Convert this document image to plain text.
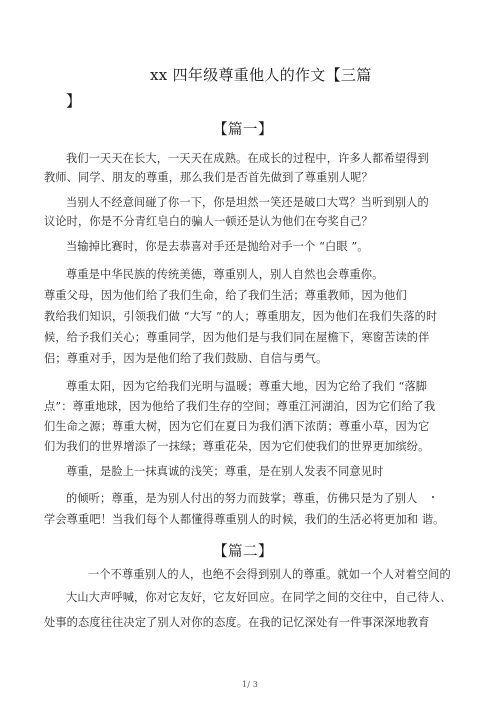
xx 四年级尊重他人的作文【三篇
】
【篇一】
我们一天天在长大，一天天在成熟。在成长的过程中，许多人都希望得到
教师、同学、朋友的尊重，那么我们是否首先做到了尊重别人呢？
当别人不经意间碰了你一下，你是坦然一笑还是破口大骂？当听到别人的
议论时，你是不分青红皂白的骗人一顿还是认为他们在夸奖自己？
当输掉比赛时，你是去恭喜对手还是抛给对手一个 “白眼 ”。
尊重是中华民族的传统美德，尊重别人，别人自然也会尊重你。
尊重父母，因为他们给了我们生命，给了我们生活；尊重教师，因为他们
教给我们知识，引领我们做 “大写 ”的人；尊重朋友，因为他们在我们失落的时
候，给予我们关心；尊重同学，因为他们是与我们同在屋檐下，寒窗苦读的伴
侣；尊重对手，因为是他们给了我们鼓励、自信与勇气。
尊重太阳，因为它给我们光明与温暖；尊重大地，因为它给了我们 “落脚
点”：尊重地球，因为他给了我们生存的空间；尊重江河湖泊，因为它们给了我
们生命之源；尊重大树，因为它们在夏日为我们洒下浓荫；尊重小草，因为它
们为我们的世界增添了一抹绿；尊重花朵，因为它们使我们的世界更加缤纷。
尊重，是脸上一抹真诚的浅笑；尊重，是在别人发表不同意见时
的倾听；尊重，是为别人付出的努力而鼓掌；尊重，仿佛只是为了别人
学会尊重吧！当我们每个人都懂得尊重别人的时候，我们的生活必将更加和 谐。
【篇二】
一个不尊重别人的人，也绝不会得到别人的尊重。就如一个人对着空间的
大山大声呼喊，你对它友好，它友好回应。在同学之间的交往中，自己待人、
处事的态度往往决定了别人对你的态度。在我的记忆深处有一件事深深地教育
1/ 3
